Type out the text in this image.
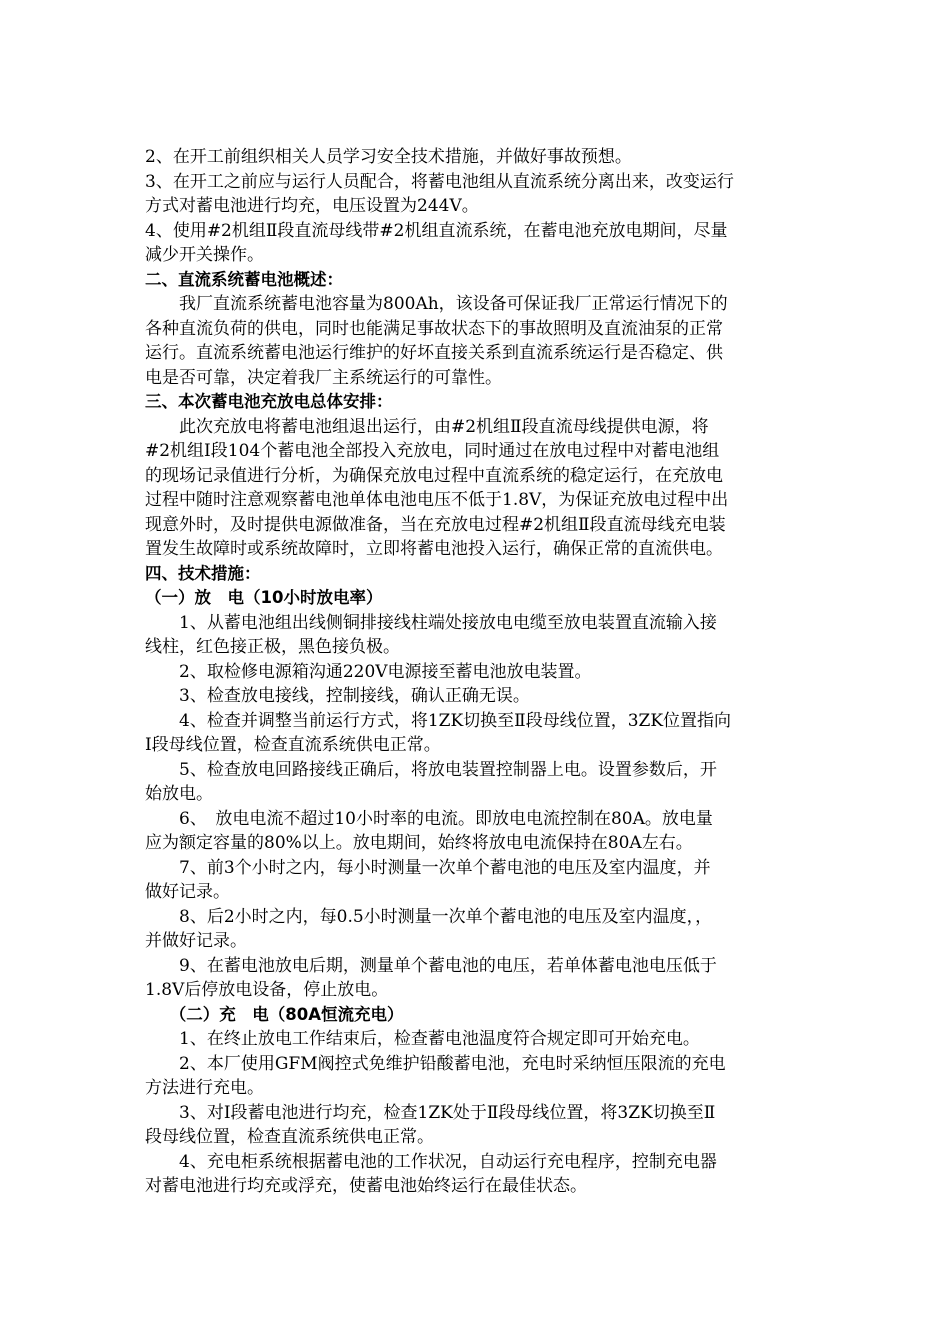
2、在开工前组织相关人员学习安全技术措施，并做好事故预想。
3、在开工之前应与运行人员配合，将蓄电池组从直流系统分离出来，改变运行
方式对蓄电池进行均充，电压设置为244V。
4、使用#2机组Ⅱ段直流母线带#2机组直流系统，在蓄电池充放电期间，尽量
减少开关操作。
二、直流系统蓄电池概述：
　　我厂直流系统蓄电池容量为800Ah，该设备可保证我厂正常运行情况下的
各种直流负荷的供电，同时也能满足事故状态下的事故照明及直流油泵的正常
运行。直流系统蓄电池运行维护的好坏直接关系到直流系统运行是否稳定、供
电是否可靠，决定着我厂主系统运行的可靠性。
三、本次蓄电池充放电总体安排：
　　此次充放电将蓄电池组退出运行，由#2机组Ⅱ段直流母线提供电源，将
#2机组Ⅰ段104个蓄电池全部投入充放电，同时通过在放电过程中对蓄电池组
的现场记录值进行分析，为确保充放电过程中直流系统的稳定运行，在充放电
过程中随时注意观察蓄电池单体电池电压不低于1.8V，为保证充放电过程中出
现意外时，及时提供电源做准备，当在充放电过程#2机组Ⅱ段直流母线充电装
置发生故障时或系统故障时，立即将蓄电池投入运行，确保正常的直流供电。
四、技术措施：
（一）放　电（10小时放电率）
　　1、从蓄电池组出线侧铜排接线柱端处接放电电缆至放电装置直流输入接
线柱，红色接正极，黑色接负极。
　　2、取检修电源箱沟通220V电源接至蓄电池放电装置。
　　3、检查放电接线，控制接线，确认正确无误。
　　4、检查并调整当前运行方式，将1ZK切换至Ⅱ段母线位置，3ZK位置指向
Ⅰ段母线位置，检查直流系统供电正常。
　　5、检查放电回路接线正确后，将放电装置控制器上电。设置参数后，开
始放电。
　　6、　放电电流不超过10小时率的电流。即放电电流控制在80A。放电量
应为额定容量的80%以上。放电期间，始终将放电电流保持在80A左右。
　　7、前3个小时之内，每小时测量一次单个蓄电池的电压及室内温度，并
做好记录。
　　8、后2小时之内，每0.5小时测量一次单个蓄电池的电压及室内温度，，
并做好记录。
　　9、在蓄电池放电后期，测量单个蓄电池的电压，若单体蓄电池电压低于
1.8V后停放电设备，停止放电。
　　（二）充　电（80A恒流充电）
　　1、在终止放电工作结束后，检查蓄电池温度符合规定即可开始充电。
　　2、本厂使用GFM阀控式免维护铅酸蓄电池，充电时采纳恒压限流的充电
方法进行充电。
　　3、对Ⅰ段蓄电池进行均充，检查1ZK处于Ⅱ段母线位置，将3ZK切换至Ⅱ
段母线位置，检查直流系统供电正常。
　　4、充电柜系统根据蓄电池的工作状况，自动运行充电程序，控制充电器
对蓄电池进行均充或浮充，使蓄电池始终运行在最佳状态。
